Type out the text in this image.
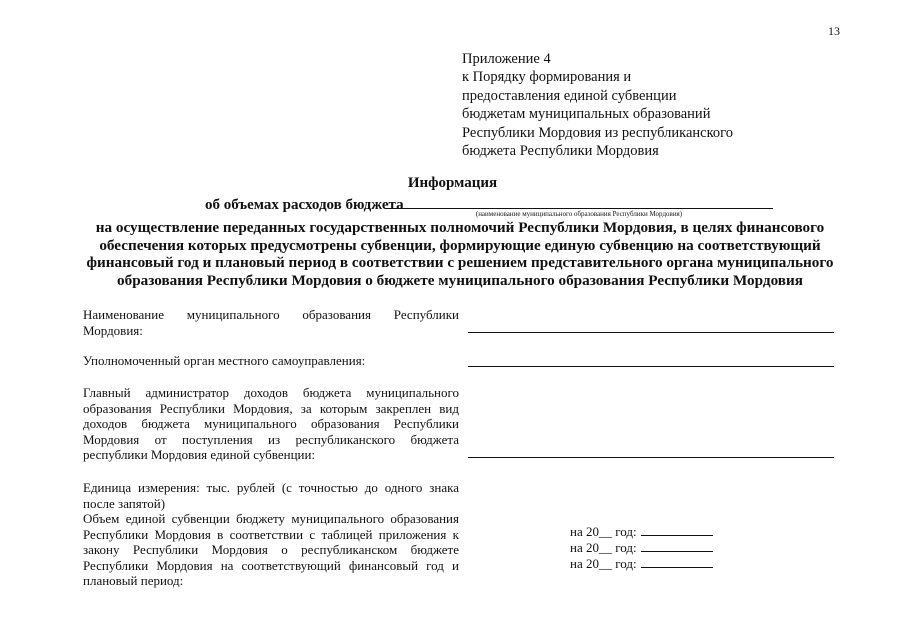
13
Приложение 4
к Порядку формирования и
предоставления единой субвенции
бюджетам муниципальных образований
Республики Мордовия из республиканского
бюджета Республики Мордовия
Информация
об объемах расходов бюджета
(наименование муниципального образования Республики Мордовия)
на осуществление переданных государственных полномочий Республики Мордовия, в целях финансового
обеспечения которых предусмотрены субвенции, формирующие единую субвенцию на соответствующий
финансовый год и плановый период в соответствии с решением представительного органа муниципального
образования Республики Мордовия о бюджете муниципального образования Республики Мордовия
Наименование муниципального образования Республики Мордовия:
Уполномоченный орган местного самоуправления:
Главный администратор доходов бюджета муниципального образования Республики Мордовия, за которым закреплен вид доходов бюджета муниципального образования Республики Мордовия от поступления из республиканского бюджета республики Мордовия единой субвенции:
Единица измерения: тыс. рублей (с точностью до одного знака после запятой)
Объем единой субвенции бюджету муниципального образования Республики Мордовия в соответствии с таблицей приложения к закону Республики Мордовия о республиканском бюджете Республики Мордовия на соответствующий финансовый год и плановый период:
на 20__ год:
на 20__ год:
на 20__ год:
